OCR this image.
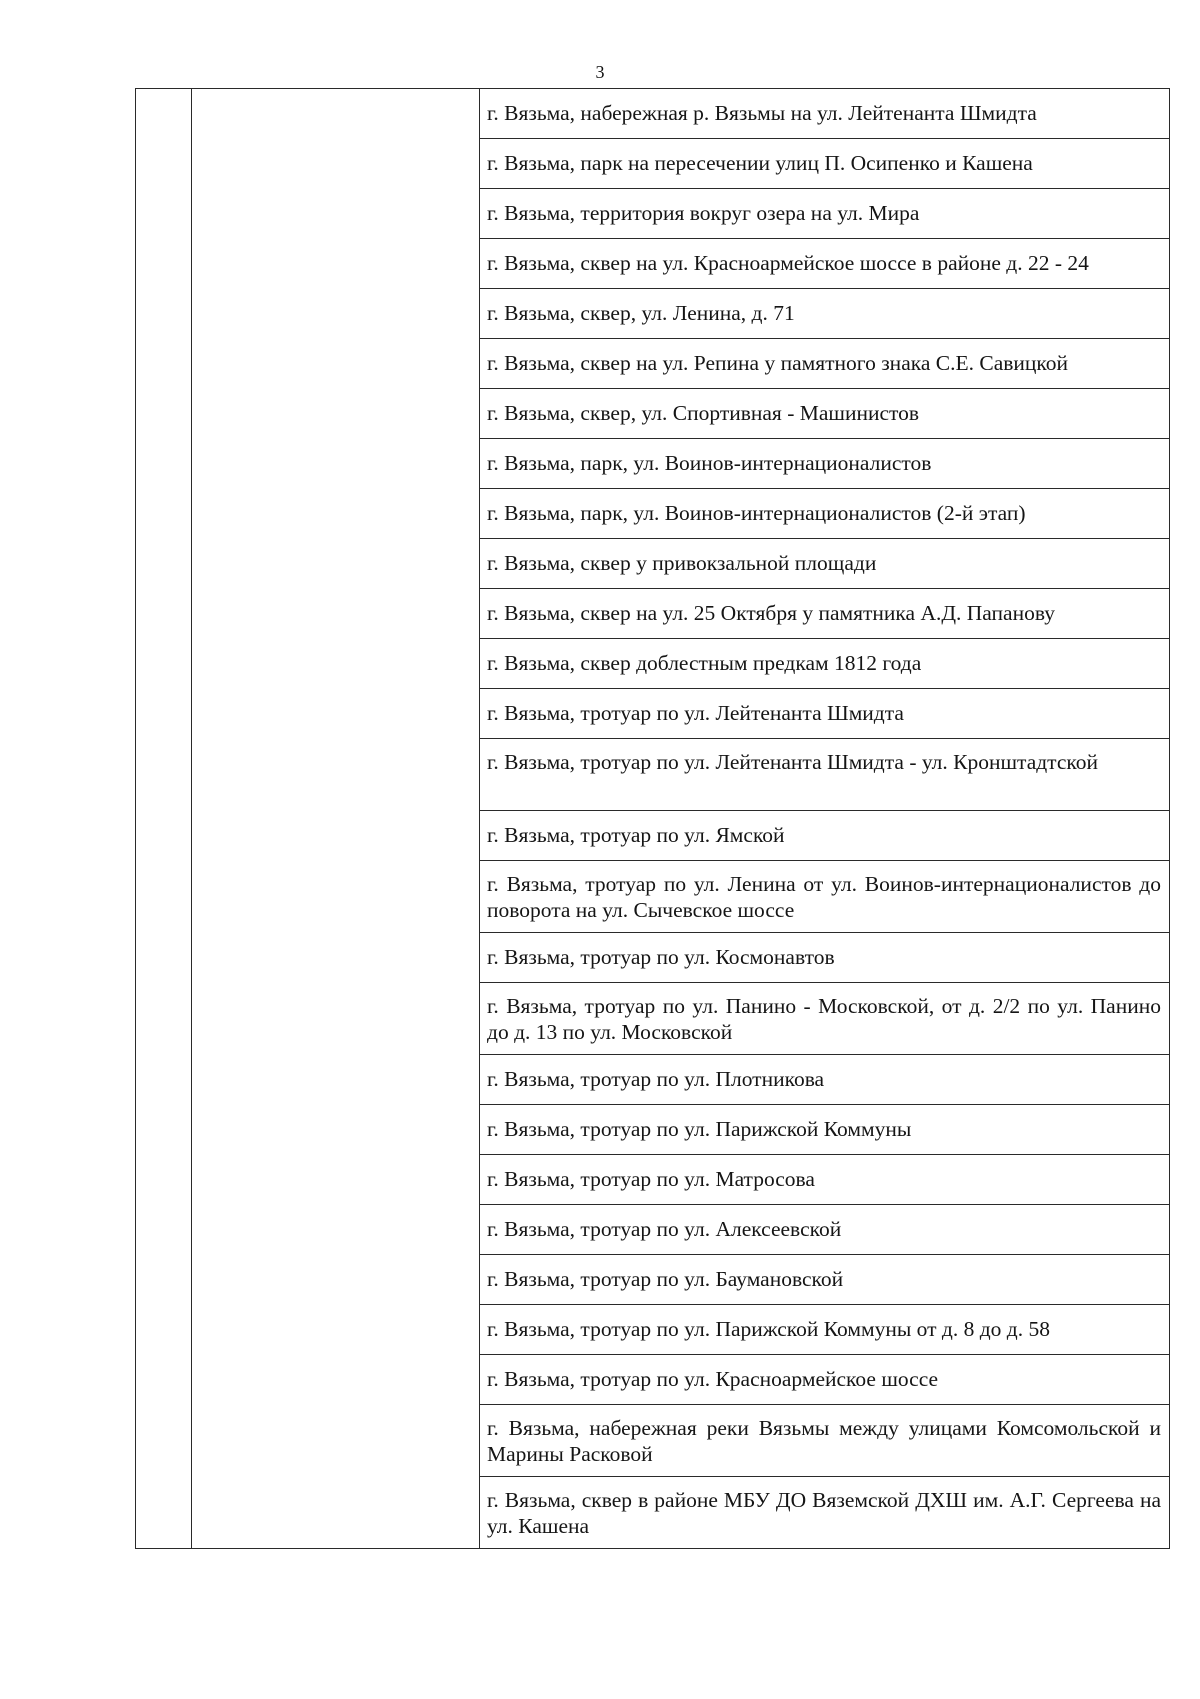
3
		г. Вязьма, набережная р. Вязьмы на ул. Лейтенанта Шмидта
г. Вязьма, парк на пересечении улиц П. Осипенко и Кашена
г. Вязьма, территория вокруг озера на ул. Мира
г. Вязьма, сквер на ул. Красноармейское шоссе в районе д. 22 - 24
г. Вязьма, сквер, ул. Ленина, д. 71
г. Вязьма, сквер на ул. Репина у памятного знака С.Е. Савицкой
г. Вязьма, сквер, ул. Спортивная - Машинистов
г. Вязьма, парк, ул. Воинов-интернационалистов
г. Вязьма, парк, ул. Воинов-интернационалистов (2-й этап)
г. Вязьма, сквер у привокзальной площади
г. Вязьма, сквер на ул. 25 Октября у памятника А.Д. Папанову
г. Вязьма, сквер доблестным предкам 1812 года
г. Вязьма, тротуар по ул. Лейтенанта Шмидта
г. Вязьма, тротуар по ул. Лейтенанта Шмидта - ул. Кронштадтской
г. Вязьма, тротуар по ул. Ямской
г. Вязьма, тротуар по ул. Ленина от ул. Воинов-интернационалистов до поворота на ул. Сычевское шоссе
г. Вязьма, тротуар по ул. Космонавтов
г. Вязьма, тротуар по ул. Панино - Московской, от д. 2/2 по ул. Панино до д. 13 по ул. Московской
г. Вязьма, тротуар по ул. Плотникова
г. Вязьма, тротуар по ул. Парижской Коммуны
г. Вязьма, тротуар по ул. Матросова
г. Вязьма, тротуар по ул. Алексеевской
г. Вязьма, тротуар по ул. Баумановской
г. Вязьма, тротуар по ул. Парижской Коммуны от д. 8 до д. 58
г. Вязьма, тротуар по ул. Красноармейское шоссе
г. Вязьма, набережная реки Вязьмы между улицами Комсомольской и Марины Расковой
г. Вязьма, сквер в районе МБУ ДО Вяземской ДХШ им. А.Г. Сергеева на ул. Кашена
